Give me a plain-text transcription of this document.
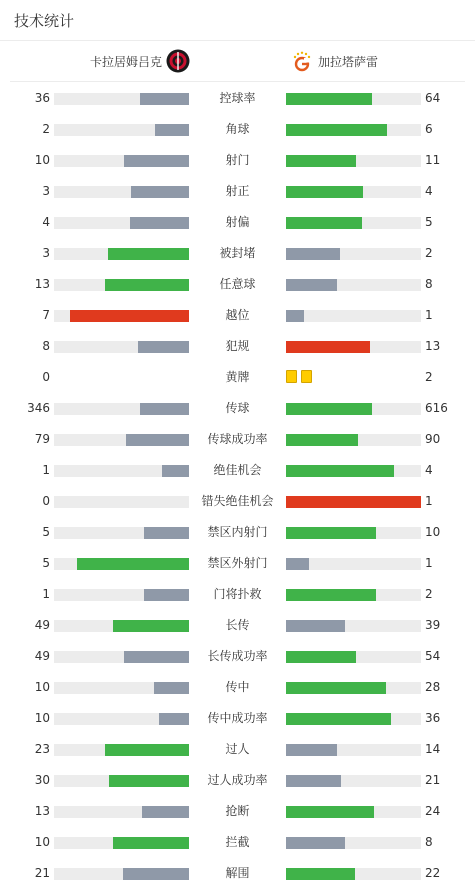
技术统计
卡拉居姆吕克	加拉塔萨雷
36	控球率	64
2	角球	6
10	射门	11
3	射正	4
4	射偏	5
3	被封堵	2
13	任意球	8
7	越位	1
8	犯规	13
0	黄牌	2
346	传球	616
79	传球成功率	90
1	绝佳机会	4
0	错失绝佳机会	1
5	禁区内射门	10
5	禁区外射门	1
1	门将扑救	2
49	长传	39
49	长传成功率	54
10	传中	28
10	传中成功率	36
23	过人	14
30	过人成功率	21
13	抢断	24
10	拦截	8
21	解围	22
